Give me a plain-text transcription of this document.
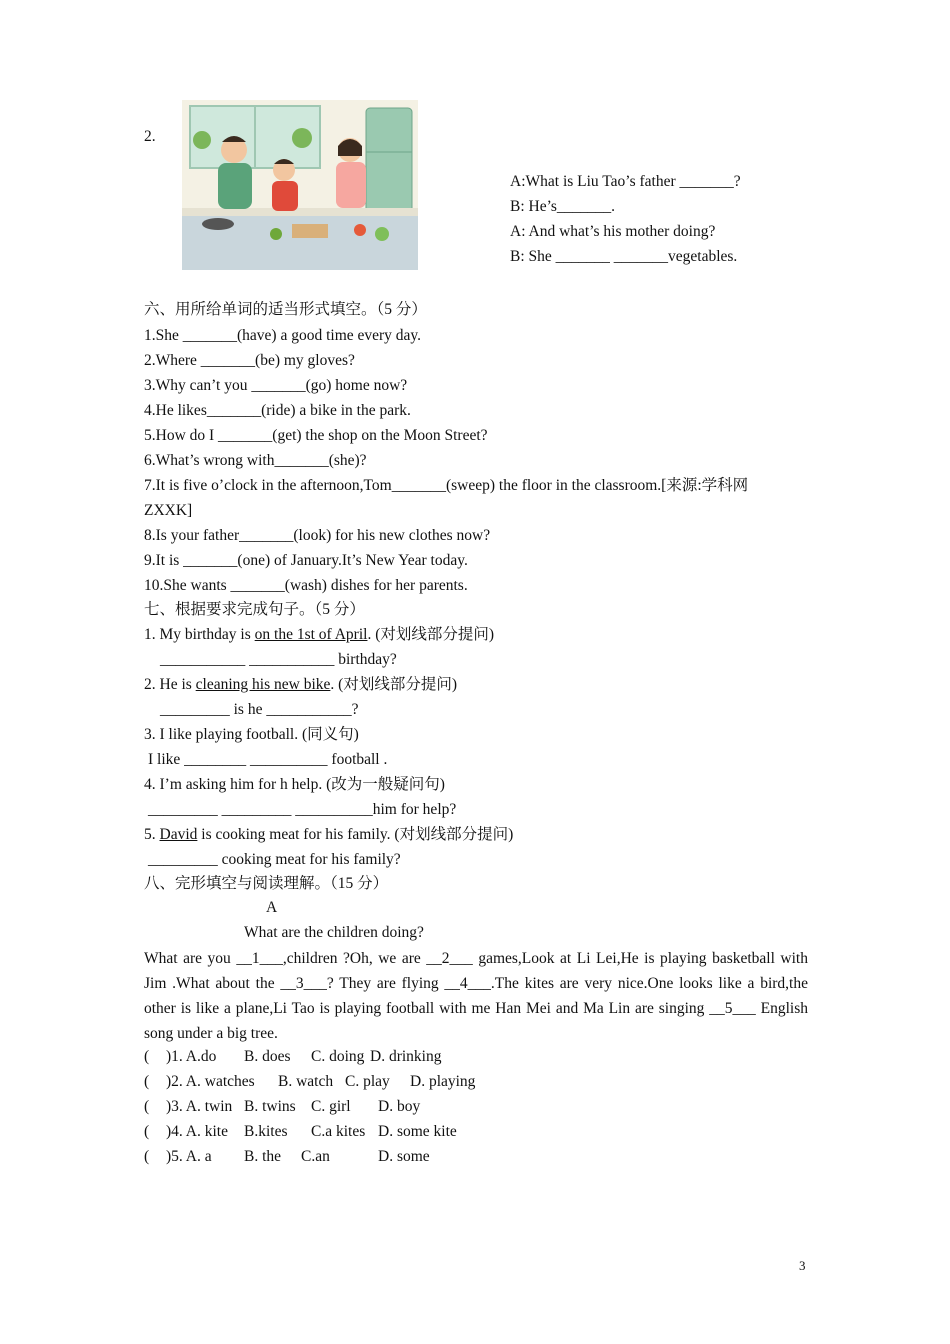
2.
A:What is Liu Tao’s father _______?
B: He’s_______.
A: And what’s his mother doing?
B: She _______ _______vegetables.
六、用所给单词的适当形式填空。（5 分）
1.She _______(have) a good time every day.
2.Where _______(be) my gloves?
3.Why can’t you _______(go) home now?
4.He likes_______(ride) a bike in the park.
5.How do I _______(get) the shop on the Moon Street?
6.What’s wrong with_______(she)?
7.It is five o’clock in the afternoon,Tom_______(sweep) the floor in the classroom.[来源:学科网
ZXXK]
8.Is your father_______(look) for his new clothes now?
9.It is _______(one) of January.It’s New Year today.
10.She wants _______(wash) dishes for her parents.
七、根据要求完成句子。（5 分）
1. My birthday is on the 1st of April. (对划线部分提问)
___________ ___________ birthday?
2. He is cleaning his new bike. (对划线部分提问)
_________ is he ___________?
3. I like playing football. (同义句)
I like ________ __________ football .
4. I’m asking him for h help. (改为一般疑问句)
_________ _________ __________him for help?
5. David is cooking meat for his family. (对划线部分提问)
_________ cooking meat for his family?
八、完形填空与阅读理解。（15 分）
A
What are the children doing?
What are you __1___,children ?Oh, we are __2___ games,Look at Li Lei,He is playing basketball with Jim .What about the __3___? They are flying __4___.The kites are very nice.One looks like a bird,the other is like a plane,Li Tao is playing football with me Han Mei and Ma Lin are singing __5___ English song under a big tree.
( )1. A.do B. does C. doing D. drinking
( )2. A. watches B. watch C. play D. playing
( )3. A. twin B. twins C. girl D. boy
( )4. A. kite B.kites C.a kites D. some kite
( )5. A. a B. the C.an	D. some
3
